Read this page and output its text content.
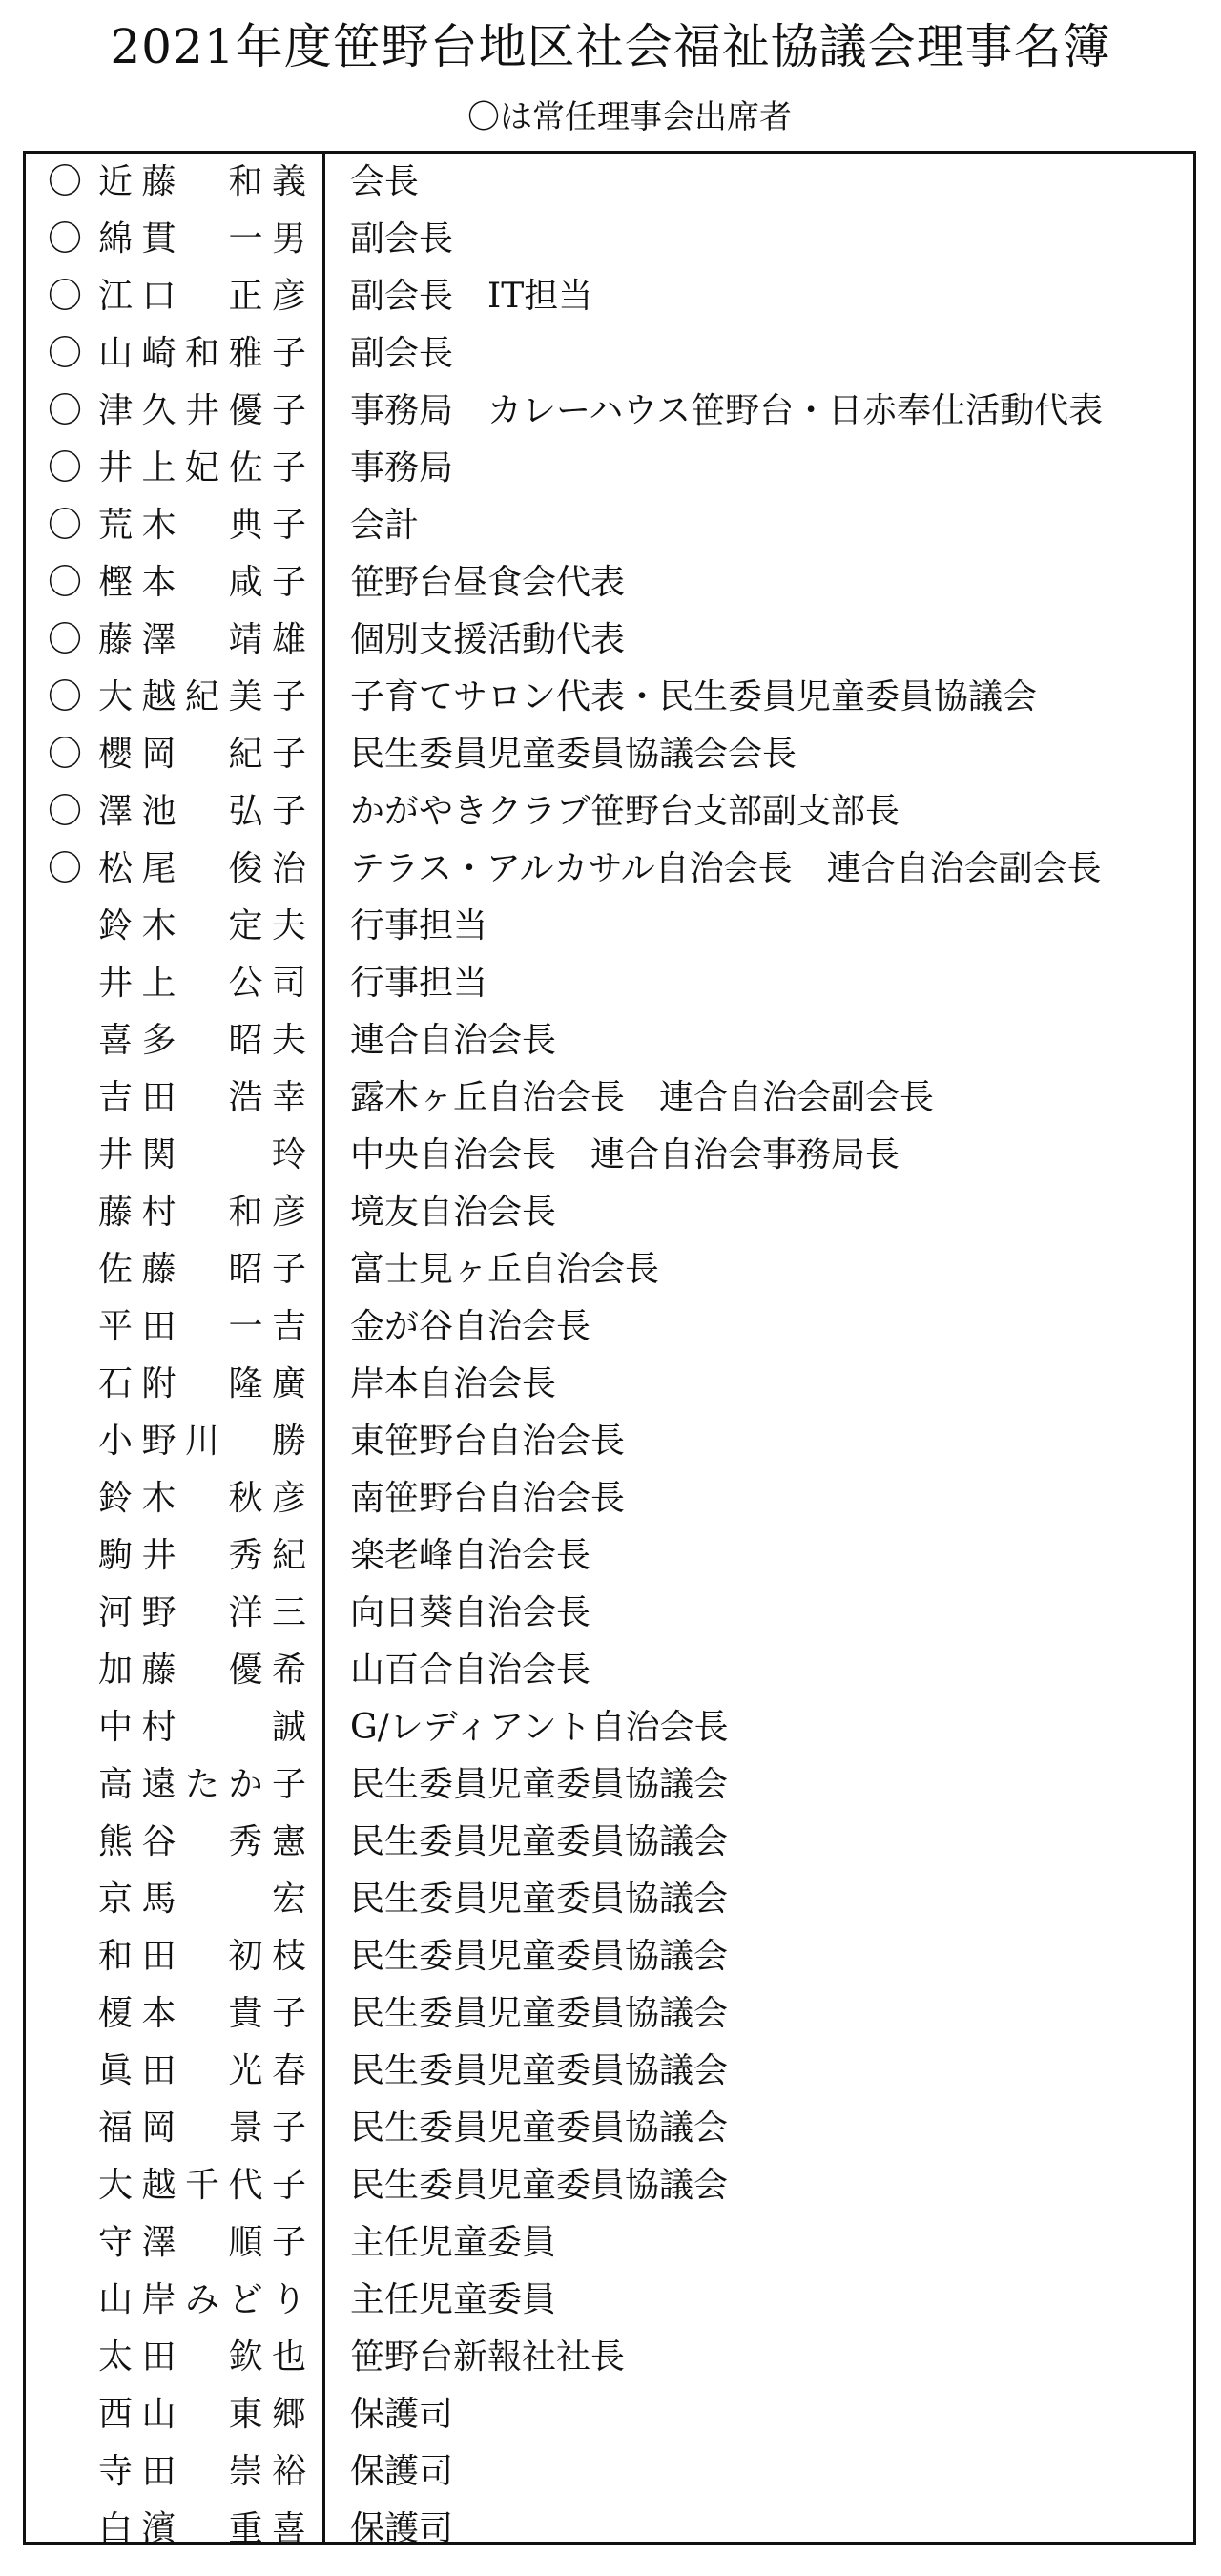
2021年度笹野台地区社会福祉協議会理事名簿
〇は常任理事会出席者
〇 近藤　和義 会長
〇 綿貫　一男 副会長
〇 江口　正彦 副会長　IT担当
〇 山崎和雅子 副会長
〇 津久井優子 事務局　カレーハウス笹野台・日赤奉仕活動代表
〇 井上妃佐子 事務局
〇 荒木　典子 会計
〇 樫本　咸子 笹野台昼食会代表
〇 藤澤　靖雄 個別支援活動代表
〇 大越紀美子 子育てサロン代表・民生委員児童委員協議会
〇 櫻岡　紀子 民生委員児童委員協議会会長
〇 澤池　弘子 かがやきクラブ笹野台支部副支部長
〇 松尾　俊治 テラス・アルカサル自治会長　連合自治会副会長
鈴木　定夫 行事担当
井上　公司 行事担当
喜多　昭夫 連合自治会長
吉田　浩幸 露木ヶ丘自治会長　連合自治会副会長
井関　　玲 中央自治会長　連合自治会事務局長
藤村　和彦 境友自治会長
佐藤　昭子 富士見ヶ丘自治会長
平田　一吉 金が谷自治会長
石附　隆廣 岸本自治会長
小野川　勝 東笹野台自治会長
鈴木　秋彦 南笹野台自治会長
駒井　秀紀 楽老峰自治会長
河野　洋三 向日葵自治会長
加藤　優希 山百合自治会長
中村　　誠 G/レディアント自治会長
高遠たか子 民生委員児童委員協議会
熊谷　秀憲 民生委員児童委員協議会
京馬　　宏 民生委員児童委員協議会
和田　初枝 民生委員児童委員協議会
榎本　貴子 民生委員児童委員協議会
眞田　光春 民生委員児童委員協議会
福岡　景子 民生委員児童委員協議会
大越千代子 民生委員児童委員協議会
守澤　順子 主任児童委員
山岸みどり 主任児童委員
太田　欽也 笹野台新報社社長
西山　東郷 保護司
寺田　崇裕 保護司
白濱　重喜 保護司
